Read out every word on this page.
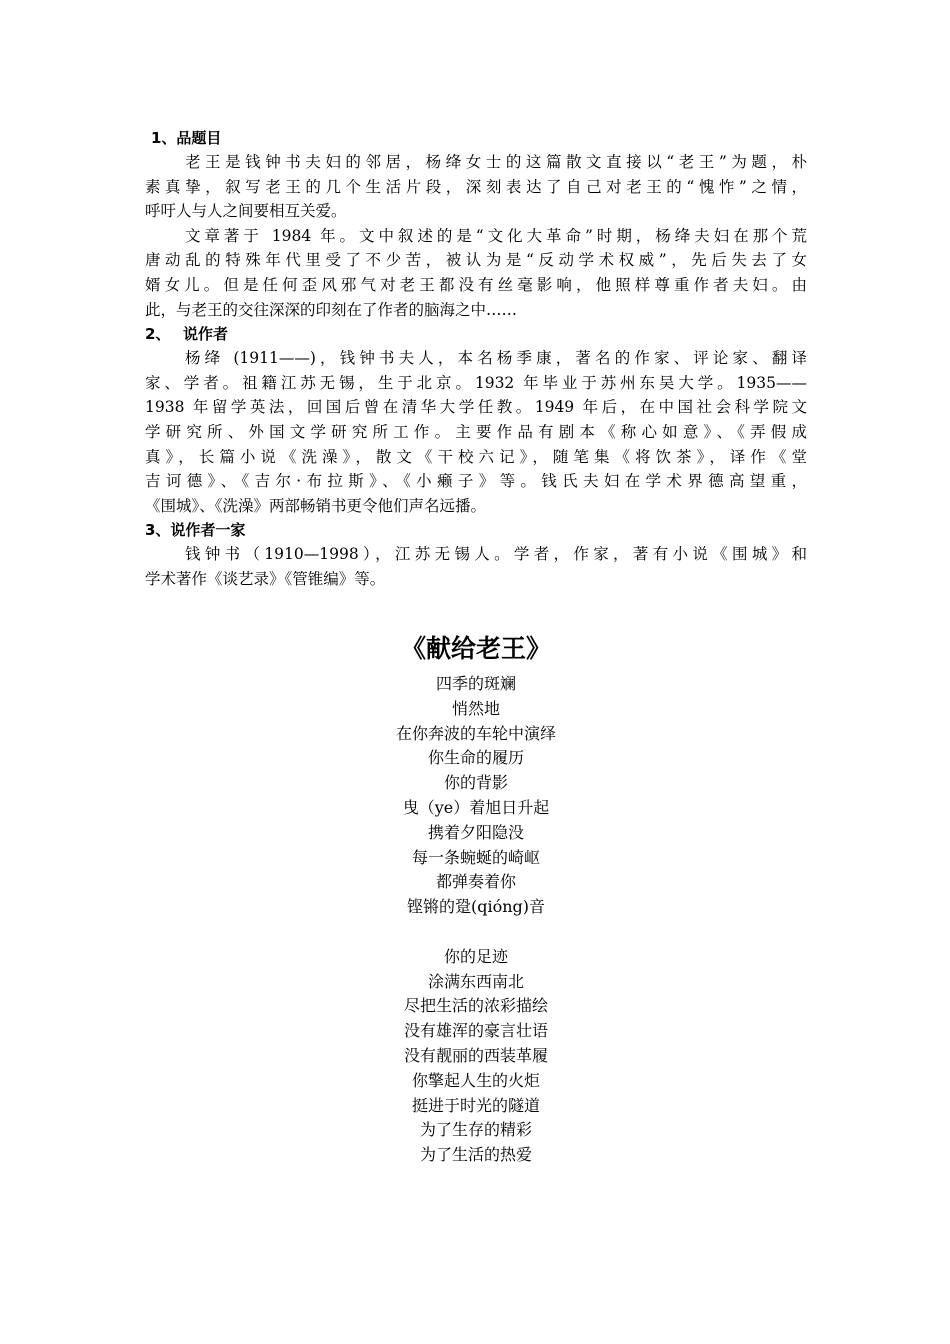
1、品题目

老王是钱钟书夫妇的邻居，杨绛女士的这篇散文直接以“老王”为题，朴
素真挚，叙写老王的几个生活片段，深刻表达了自己对老王的“愧怍”之情，
呼吁人与人之间要相互关爱。

文章著于 1984 年。文中叙述的是“文化大革命”时期，杨绛夫妇在那个荒
唐动乱的特殊年代里受了不少苦，被认为是“反动学术权威”，先后失去了女
婿女儿。但是任何歪风邪气对老王都没有丝毫影响，他照样尊重作者夫妇。由
此，与老王的交往深深的印刻在了作者的脑海之中……

2、 说作者

杨绛 (1911——)，钱钟书夫人，本名杨季康，著名的作家、评论家、翻译
家、学者。祖籍江苏无锡，生于北京。1932 年毕业于苏州东吴大学。1935——
1938 年留学英法，回国后曾在清华大学任教。1949 年后，在中国社会科学院文
学研究所、外国文学研究所工作。主要作品有剧本《称心如意》、《弄假成
真》，长篇小说《洗澡》，散文《干校六记》，随笔集《将饮茶》，译作《堂
吉诃德》、《吉尔·布拉斯》、《小癞子》等。钱氏夫妇在学术界德高望重，
《围城》、《洗澡》两部畅销书更令他们声名远播。

3、说作者一家

钱钟书（1910—1998），江苏无锡人。学者，作家，著有小说《围城》和
学术著作《谈艺录》《管锥编》等。

《献给老王》
四季的斑斓
悄然地
在你奔波的车轮中演绎
你生命的履历
你的背影
曳（ye）着旭日升起
携着夕阳隐没
每一条蜿蜒的崎岖
都弹奏着你
铿锵的跫(qióng)音
你的足迹
涂满东西南北
尽把生活的浓彩描绘
没有雄浑的豪言壮语
没有靓丽的西装革履
你擎起人生的火炬
挺进于时光的隧道
为了生存的精彩
为了生活的热爱
